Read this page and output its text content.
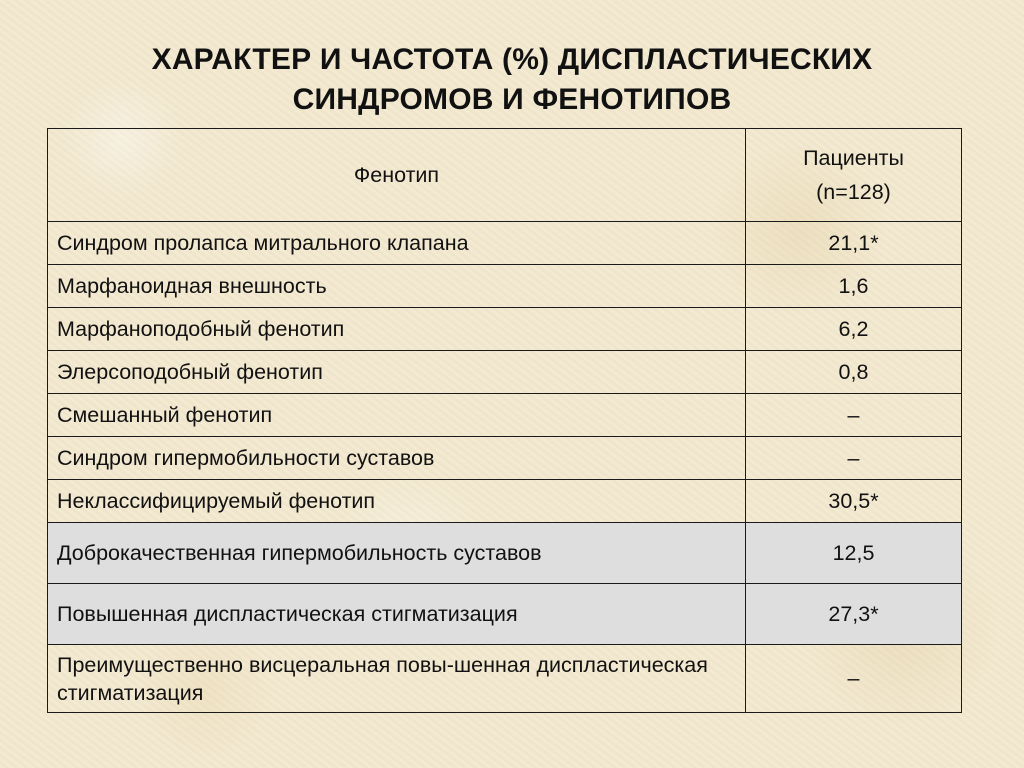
ХАРАКТЕР И ЧАСТОТА (%) ДИСПЛАСТИЧЕСКИХ
СИНДРОМОВ И ФЕНОТИПОВ
Фенотип	Пациенты
(n=128)

Синдром пролапса митрального клапана	21,1*
Марфаноидная внешность	1,6
Марфаноподобный фенотип	6,2
Элерсоподобный фенотип	0,8
Смешанный фенотип	–
Синдром гипермобильности суставов	–
Неклассифицируемый фенотип	30,5*
Доброкачественная гипермобильность суставов	12,5
Повышенная диспластическая стигматизация	27,3*
Преимущественно висцеральная повы-шенная диспластическая стигматизация	–
